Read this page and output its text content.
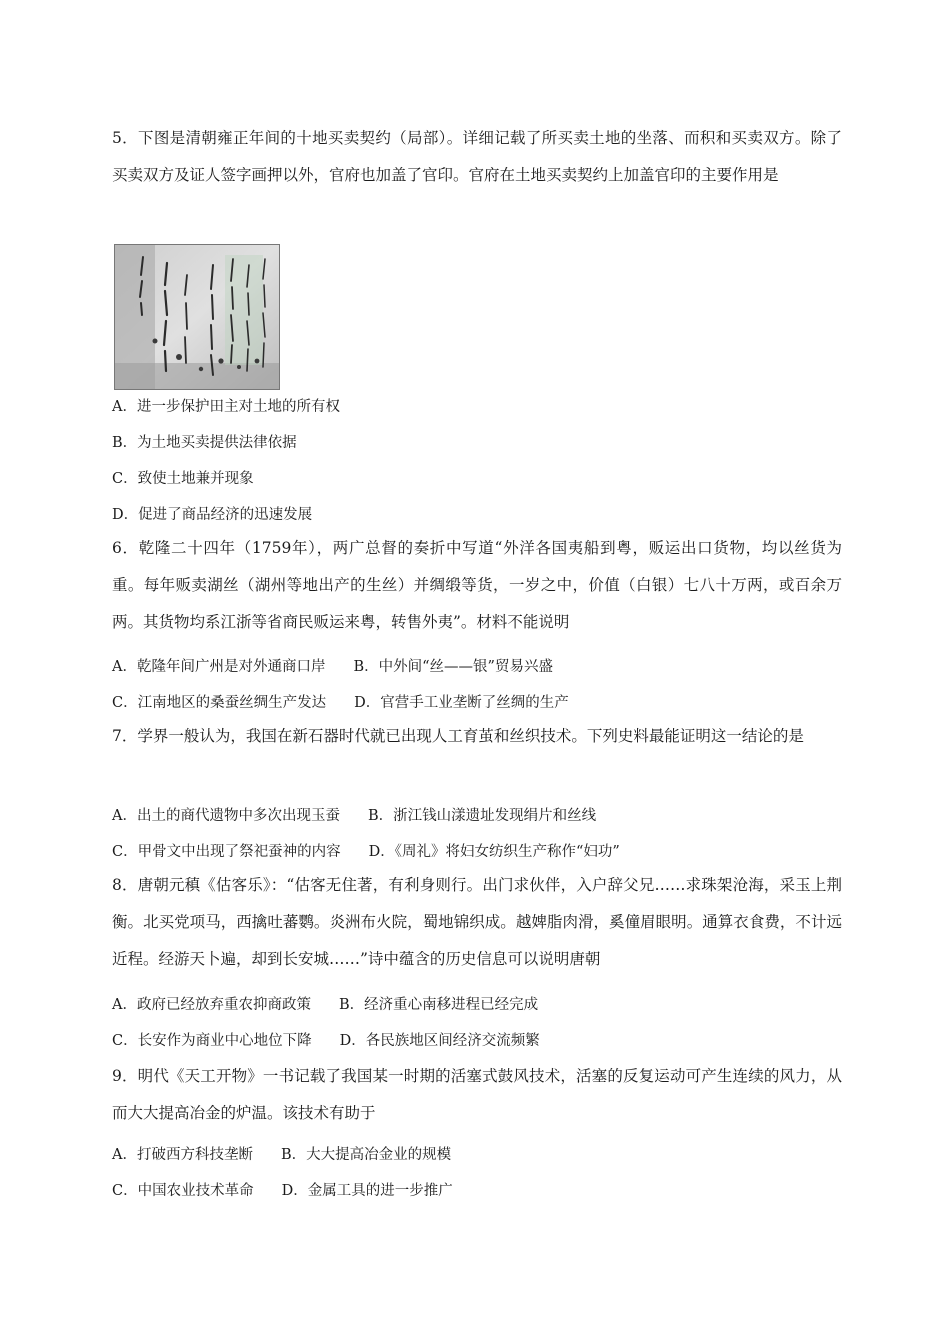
5．下图是清朝雍正年间的十地买卖契约（局部）。详细记载了所买卖土地的坐落、而积和买卖双方。除了买卖双方及证人签字画押以外，官府也加盖了官印。官府在土地买卖契约上加盖官印的主要作用是

A．进一步保护田主对土地的所有权
B．为土地买卖提供法律依据
C．致使土地兼并现象
D．促进了商品经济的迅速发展

6．乾隆二十四年（1759年），两广总督的奏折中写道“外洋各国夷船到粤，贩运出口货物，均以丝货为重。每年贩卖湖丝（湖州等地出产的生丝）并绸缎等货，一岁之中，价值（白银）七八十万两，或百余万两。其货物均系江浙等省商民贩运来粤，转售外夷”。材料不能说明

A．乾隆年间广州是对外通商口岸 B．中外间“丝——银”贸易兴盛
C．江南地区的桑蚕丝绸生产发达 D．官营手工业垄断了丝绸的生产

7．学界一般认为，我国在新石器时代就已出现人工育茧和丝织技术。下列史料最能证明这一结论的是

A．出土的商代遗物中多次出现玉蚕 B．浙江钱山漾遗址发现绢片和丝线
C．甲骨文中出现了祭祀蚕神的内容 D．《周礼》将妇女纺织生产称作“妇功”

8．唐朝元稹《估客乐》：“估客无住著，有利身则行。出门求伙伴，入户辞父兄……求珠架沧海，采玉上荆衡。北买党项马，西擒吐蕃鹦。炎洲布火院，蜀地锦织成。越婢脂肉滑，奚僮眉眼明。通算衣食费，不计远近程。经游天卜遍，却到长安城……”诗中蕴含的历史信息可以说明唐朝

A．政府已经放弃重农抑商政策 B．经济重心南移进程已经完成
C．长安作为商业中心地位下降 D．各民族地区间经济交流频繁

9．明代《天工开物》一书记载了我国某一时期的活塞式鼓风技术，活塞的反复运动可产生连续的风力，从而大大提高冶金的炉温。该技术有助于

A．打破西方科技垄断 B．大大提高冶金业的规模
C．中国农业技术革命 D．金属工具的进一步推广
